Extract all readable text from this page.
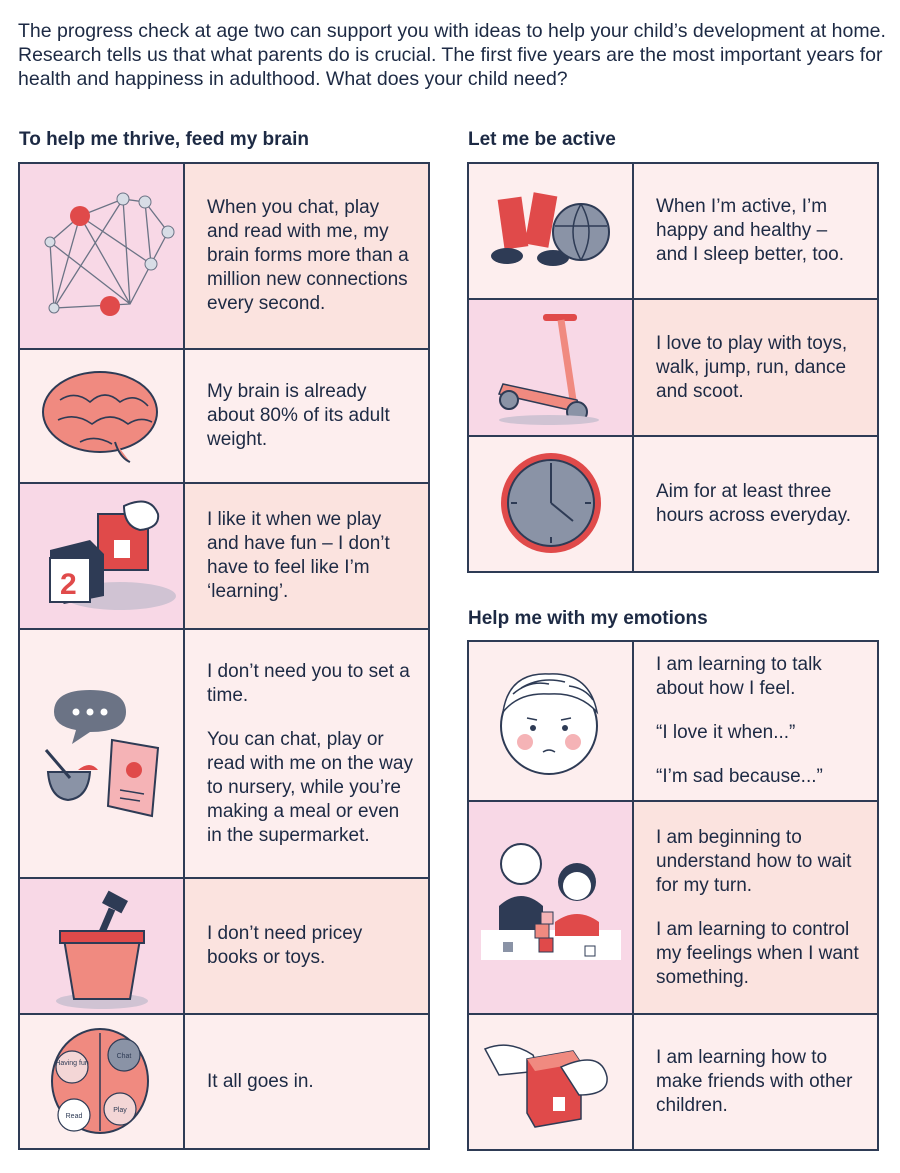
The progress check at age two can support you with ideas to help your child’s development at home. Research tells us that what parents do is crucial. The first five years are the most important years for health and happiness in adulthood. What does your child need?
To help me thrive, feed my brain

When you chat, play and read with me, my brain forms more than a million new connections every second.

My brain is already about 80% of its adult weight.

2

I like it when we play and have fun – I don’t have to feel like I’m ‘learning’.

I don’t need you to set a time.

You can chat, play or read with me on the way to nursery, while you’re making a meal or even in the supermarket.

I don’t need pricey books or toys.

Having fun
Chat
Read
Play

It all goes in.

Let me be active

When I’m active, I’m happy and healthy – and I sleep better, too.

I love to play with toys, walk, jump, run, dance and scoot.

Aim for at least three hours across everyday.

Help me with my emotions

I am learning to talk about how I feel.

“I love it when...”

“I’m sad because...”

I am beginning to understand how to wait for my turn.

I am learning to control my feelings when I want something.

I am learning how to make friends with other children.
